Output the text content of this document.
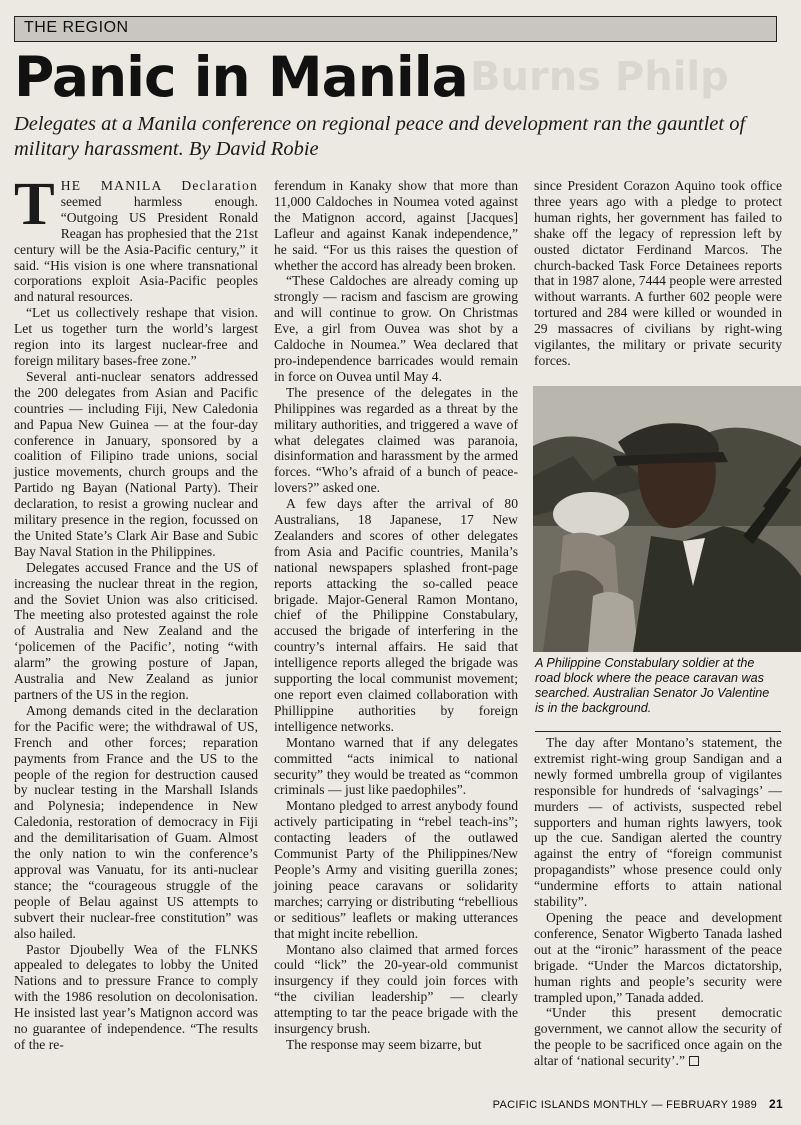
THE REGION
Burns Philp
Panic in Manila

Delegates at a Manila conference on regional peace and development ran the gauntlet of military harassment. By David Robie

THE MANILA Declaration seemed harmless enough. “Outgoing US President Ronald Reagan has prophesied that the 21st century will be the Asia-Pacific century,” it said. “His vision is one where transnational corporations exploit Asia-Pacific peoples and natural resources.

“Let us collectively reshape that vision. Let us together turn the world’s largest region into its largest nuclear-free and foreign military bases-free zone.”

Several anti-nuclear senators addressed the 200 delegates from Asian and Pacific countries — including Fiji, New Caledonia and Papua New Guinea — at the four-day conference in January, sponsored by a coalition of Filipino trade unions, social justice movements, church groups and the Partido ng Bayan (National Party). Their declaration, to resist a growing nuclear and military presence in the region, focussed on the United State’s Clark Air Base and Subic Bay Naval Station in the Philippines.

Delegates accused France and the US of increasing the nuclear threat in the region, and the Soviet Union was also criticised. The meeting also protested against the role of Australia and New Zealand and the ‘policemen of the Pacific’, noting “with alarm” the growing posture of Japan, Australia and New Zealand as junior partners of the US in the region.

Among demands cited in the declaration for the Pacific were; the withdrawal of US, French and other forces; reparation payments from France and the US to the people of the region for destruction caused by nuclear testing in the Marshall Islands and Polynesia; independence in New Caledonia, restoration of democracy in Fiji and the demilitarisation of Guam. Almost the only nation to win the conference’s approval was Vanuatu, for its anti-nuclear stance; the “courageous struggle of the people of Belau against US attempts to subvert their nuclear-free constitution” was also hailed.

Pastor Djoubelly Wea of the FLNKS appealed to delegates to lobby the United Nations and to pressure France to comply with the 1986 resolution on decolonisation. He insisted last year’s Matignon accord was no guarantee of independence. “The results of the re-

ferendum in Kanaky show that more than 11,000 Caldoches in Noumea voted against the Matignon accord, against [Jacques] Lafleur and against Kanak independence,” he said. “For us this raises the question of whether the accord has already been broken.

“These Caldoches are already coming up strongly — racism and fascism are growing and will continue to grow. On Christmas Eve, a girl from Ouvea was shot by a Caldoche in Noumea.” Wea declared that pro-independence barricades would remain in force on Ouvea until May 4.

The presence of the delegates in the Philippines was regarded as a threat by the military authorities, and triggered a wave of what delegates claimed was paranoia, disinformation and harassment by the armed forces. “Who’s afraid of a bunch of peace-lovers?” asked one.

A few days after the arrival of 80 Australians, 18 Japanese, 17 New Zealanders and scores of other delegates from Asia and Pacific countries, Manila’s national newspapers splashed front-page reports attacking the so-called peace brigade. Major-General Ramon Montano, chief of the Philippine Constabulary, accused the brigade of interfering in the country’s internal affairs. He said that intelligence reports alleged the brigade was supporting the local communist movement; one report even claimed collaboration with Phillippine authorities by foreign intelligence networks.

Montano warned that if any delegates committed “acts inimical to national security” they would be treated as “common criminals — just like paedophiles”.

Montano pledged to arrest anybody found actively participating in “rebel teach-ins”; contacting leaders of the outlawed Communist Party of the Philippines/New People’s Army and visiting guerilla zones; joining peace caravans or solidarity marches; carrying or distributing “rebellious or seditious” leaflets or making utterances that might incite rebellion.

Montano also claimed that armed forces could “lick” the 20-year-old communist insurgency if they could join forces with “the civilian leadership” — clearly attempting to tar the peace brigade with the insurgency brush.

The response may seem bizarre, but

since President Corazon Aquino took office three years ago with a pledge to protect human rights, her government has failed to shake off the legacy of repression left by ousted dictator Ferdinand Marcos. The church-backed Task Force Detainees reports that in 1987 alone, 7444 people were arrested without warrants. A further 602 people were tortured and 284 were killed or wounded in 29 massacres of civilians by right-wing vigilantes, the military or private security forces.

A Philippine Constabulary soldier at the road block where the peace caravan was searched. Australian Senator Jo Valentine is in the background.

The day after Montano’s statement, the extremist right-wing group Sandigan and a newly formed umbrella group of vigilantes responsible for hundreds of ‘salvagings’ — murders — of activists, suspected rebel supporters and human rights lawyers, took up the cue. Sandigan alerted the country against the entry of “foreign communist propagandists” whose presence could only “undermine efforts to attain national stability”.

Opening the peace and development conference, Senator Wigberto Tanada lashed out at the “ironic” harassment of the peace brigade. “Under the Marcos dictatorship, human rights and people’s security were trampled upon,” Tanada added.

“Under this present democratic government, we cannot allow the security of the people to be sacrificed once again on the altar of ‘national security’.”

PACIFIC ISLANDS MONTHLY — FEBRUARY 1989 21
